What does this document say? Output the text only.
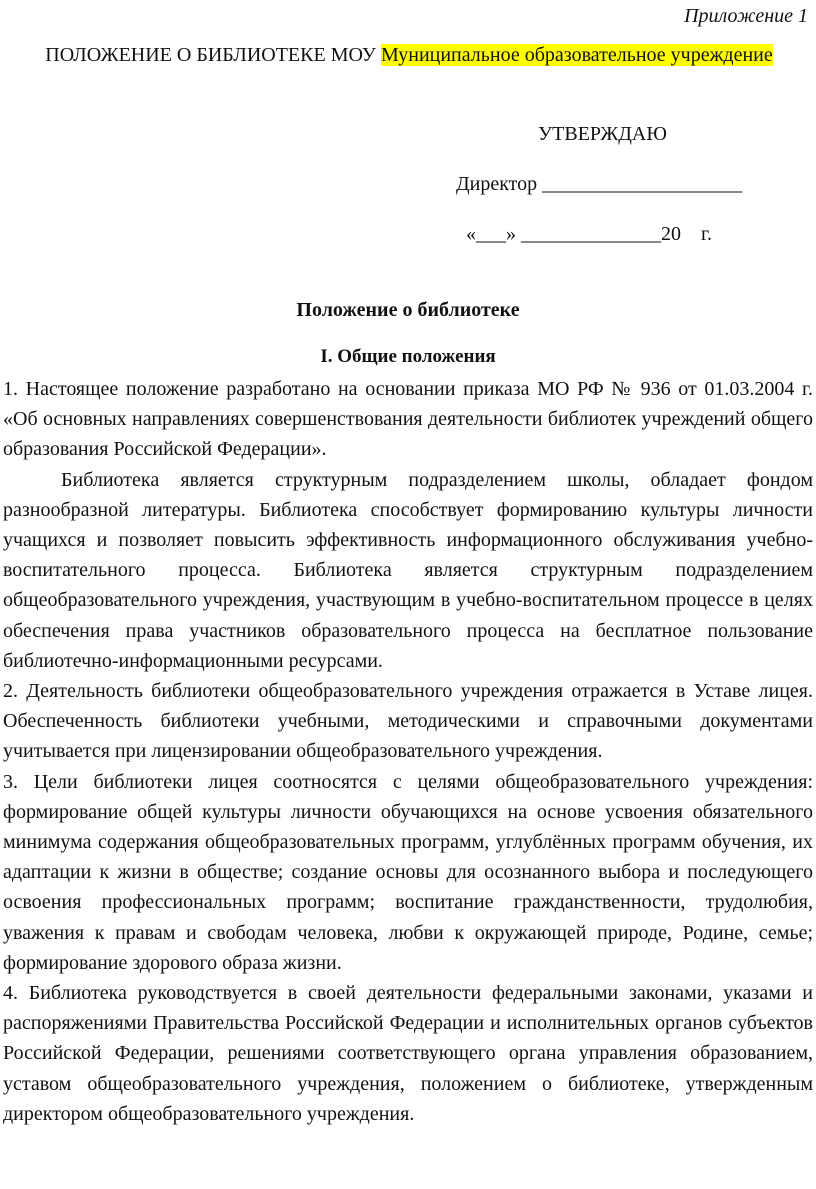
Приложение 1
ПОЛОЖЕНИЕ О БИБЛИОТЕКЕ МОУ Муниципальное образовательное учреждение
УТВЕРЖДАЮ
Директор ____________________
«___» ______________20    г.
Положение о библиотеке
I. Общие положения

1. Настоящее положение разработано на основании приказа МО РФ № 936 от 01.03.2004 г. «Об основных направлениях совершенствования деятельности библиотек учреждений общего образования Российской Федерации».

Библиотека является структурным подразделением школы, обладает фондом разнообразной литературы. Библиотека способствует формированию культуры личности учащихся и позволяет повысить эффективность информационного обслуживания учебно-воспитательного процесса. Библиотека является структурным подразделением общеобразовательного учреждения, участвующим в учебно-воспитательном процессе в целях обеспечения права участников образовательного процесса на бесплатное пользование библиотечно-информационными ресурсами.

2. Деятельность библиотеки общеобразовательного учреждения отражается в Уставе лицея. Обеспеченность библиотеки учебными, методическими и справочными документами учитывается при лицензировании общеобразовательного учреждения.

3. Цели библиотеки лицея соотносятся с целями общеобразовательного учреждения: формирование общей культуры личности обучающихся на основе усвоения обязательного минимума содержания общеобразовательных программ, углублённых программ обучения, их адаптации к жизни в обществе; создание основы для осознанного выбора и последующего освоения профессиональных программ; воспитание гражданственности, трудолюбия, уважения к правам и свободам человека, любви к окружающей природе, Родине, семье; формирование здорового образа жизни.

4. Библиотека руководствуется в своей деятельности федеральными законами, указами и распоряжениями Правительства Российской Федерации и исполнительных органов субъектов Российской Федерации, решениями соответствующего органа управления образованием, уставом общеобразовательного учреждения, положением о библиотеке, утвержденным директором общеобразовательного учреждения.
